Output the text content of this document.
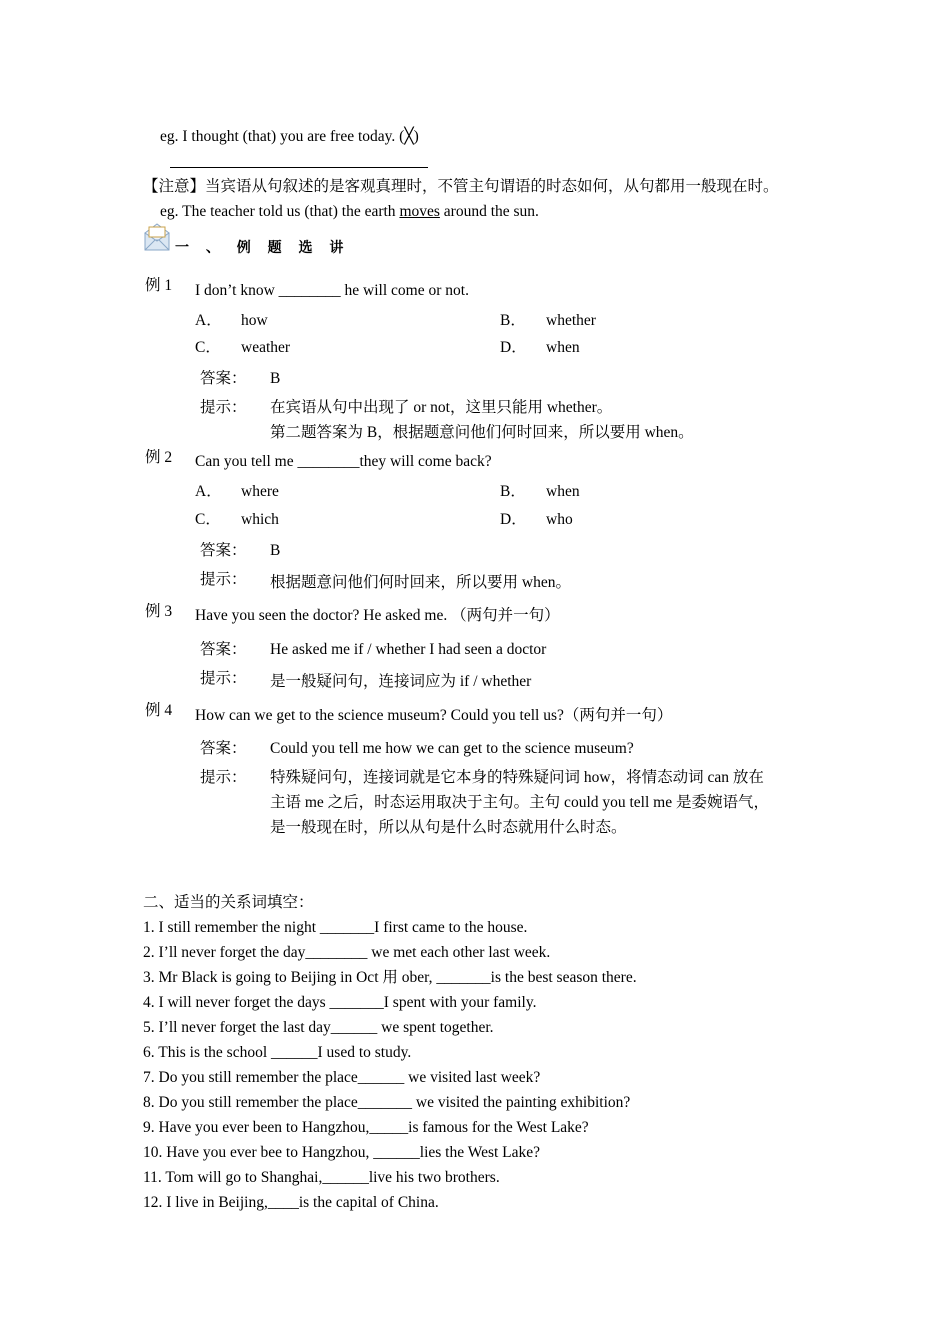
eg. I thought (that) you are free today. (╳)
【注意】当宾语从句叙述的是客观真理时，不管主句谓语的时态如何，从句都用一般现在时。
eg. The teacher told us (that) the earth moves around the sun.
一 、 例 题 选 讲
例 1 I don’t know ________ he will come or not.
A． how	B． whether
C． weather	D． when
答案： B
提示： 在宾语从句中出现了 or not，这里只能用 whether。
第二题答案为 B，根据题意问他们何时回来，所以要用 when。
例 2 Can you tell me ________they will come back?
A． where	B． when
C． which	D． who
答案： B
提示： 根据题意问他们何时回来，所以要用 when。
例 3 Have you seen the doctor? He asked me. （两句并一句）
答案： He asked me if / whether I had seen a doctor
提示： 是一般疑问句，连接词应为 if / whether
例 4 How can we get to the science museum? Could you tell us?（两句并一句）
答案： Could you tell me how we can get to the science museum?
提示： 特殊疑问句，连接词就是它本身的特殊疑问词 how，将情态动词 can 放在
主语 me 之后，时态运用取决于主句。主句 could you tell me 是委婉语气，
是一般现在时，所以从句是什么时态就用什么时态。
二、适当的关系词填空：
1. I still remember the night _______I first came to the house.
2. I’ll never forget the day________ we met each other last week.
3. Mr Black is going to Beijing in Oct 用 ober, _______is the best season there.
4. I will never forget the days _______I spent with your family.
5. I’ll never forget the last day______ we spent together.
6. This is the school ______I used to study.
7. Do you still remember the place______ we visited last week?
8. Do you still remember the place_______ we visited the painting exhibition?
9. Have you ever been to Hangzhou,_____is famous for the West Lake?
10. Have you ever bee to Hangzhou, ______lies the West Lake?
11. Tom will go to Shanghai,______live his two brothers.
12. I live in Beijing,____is the capital of China.
